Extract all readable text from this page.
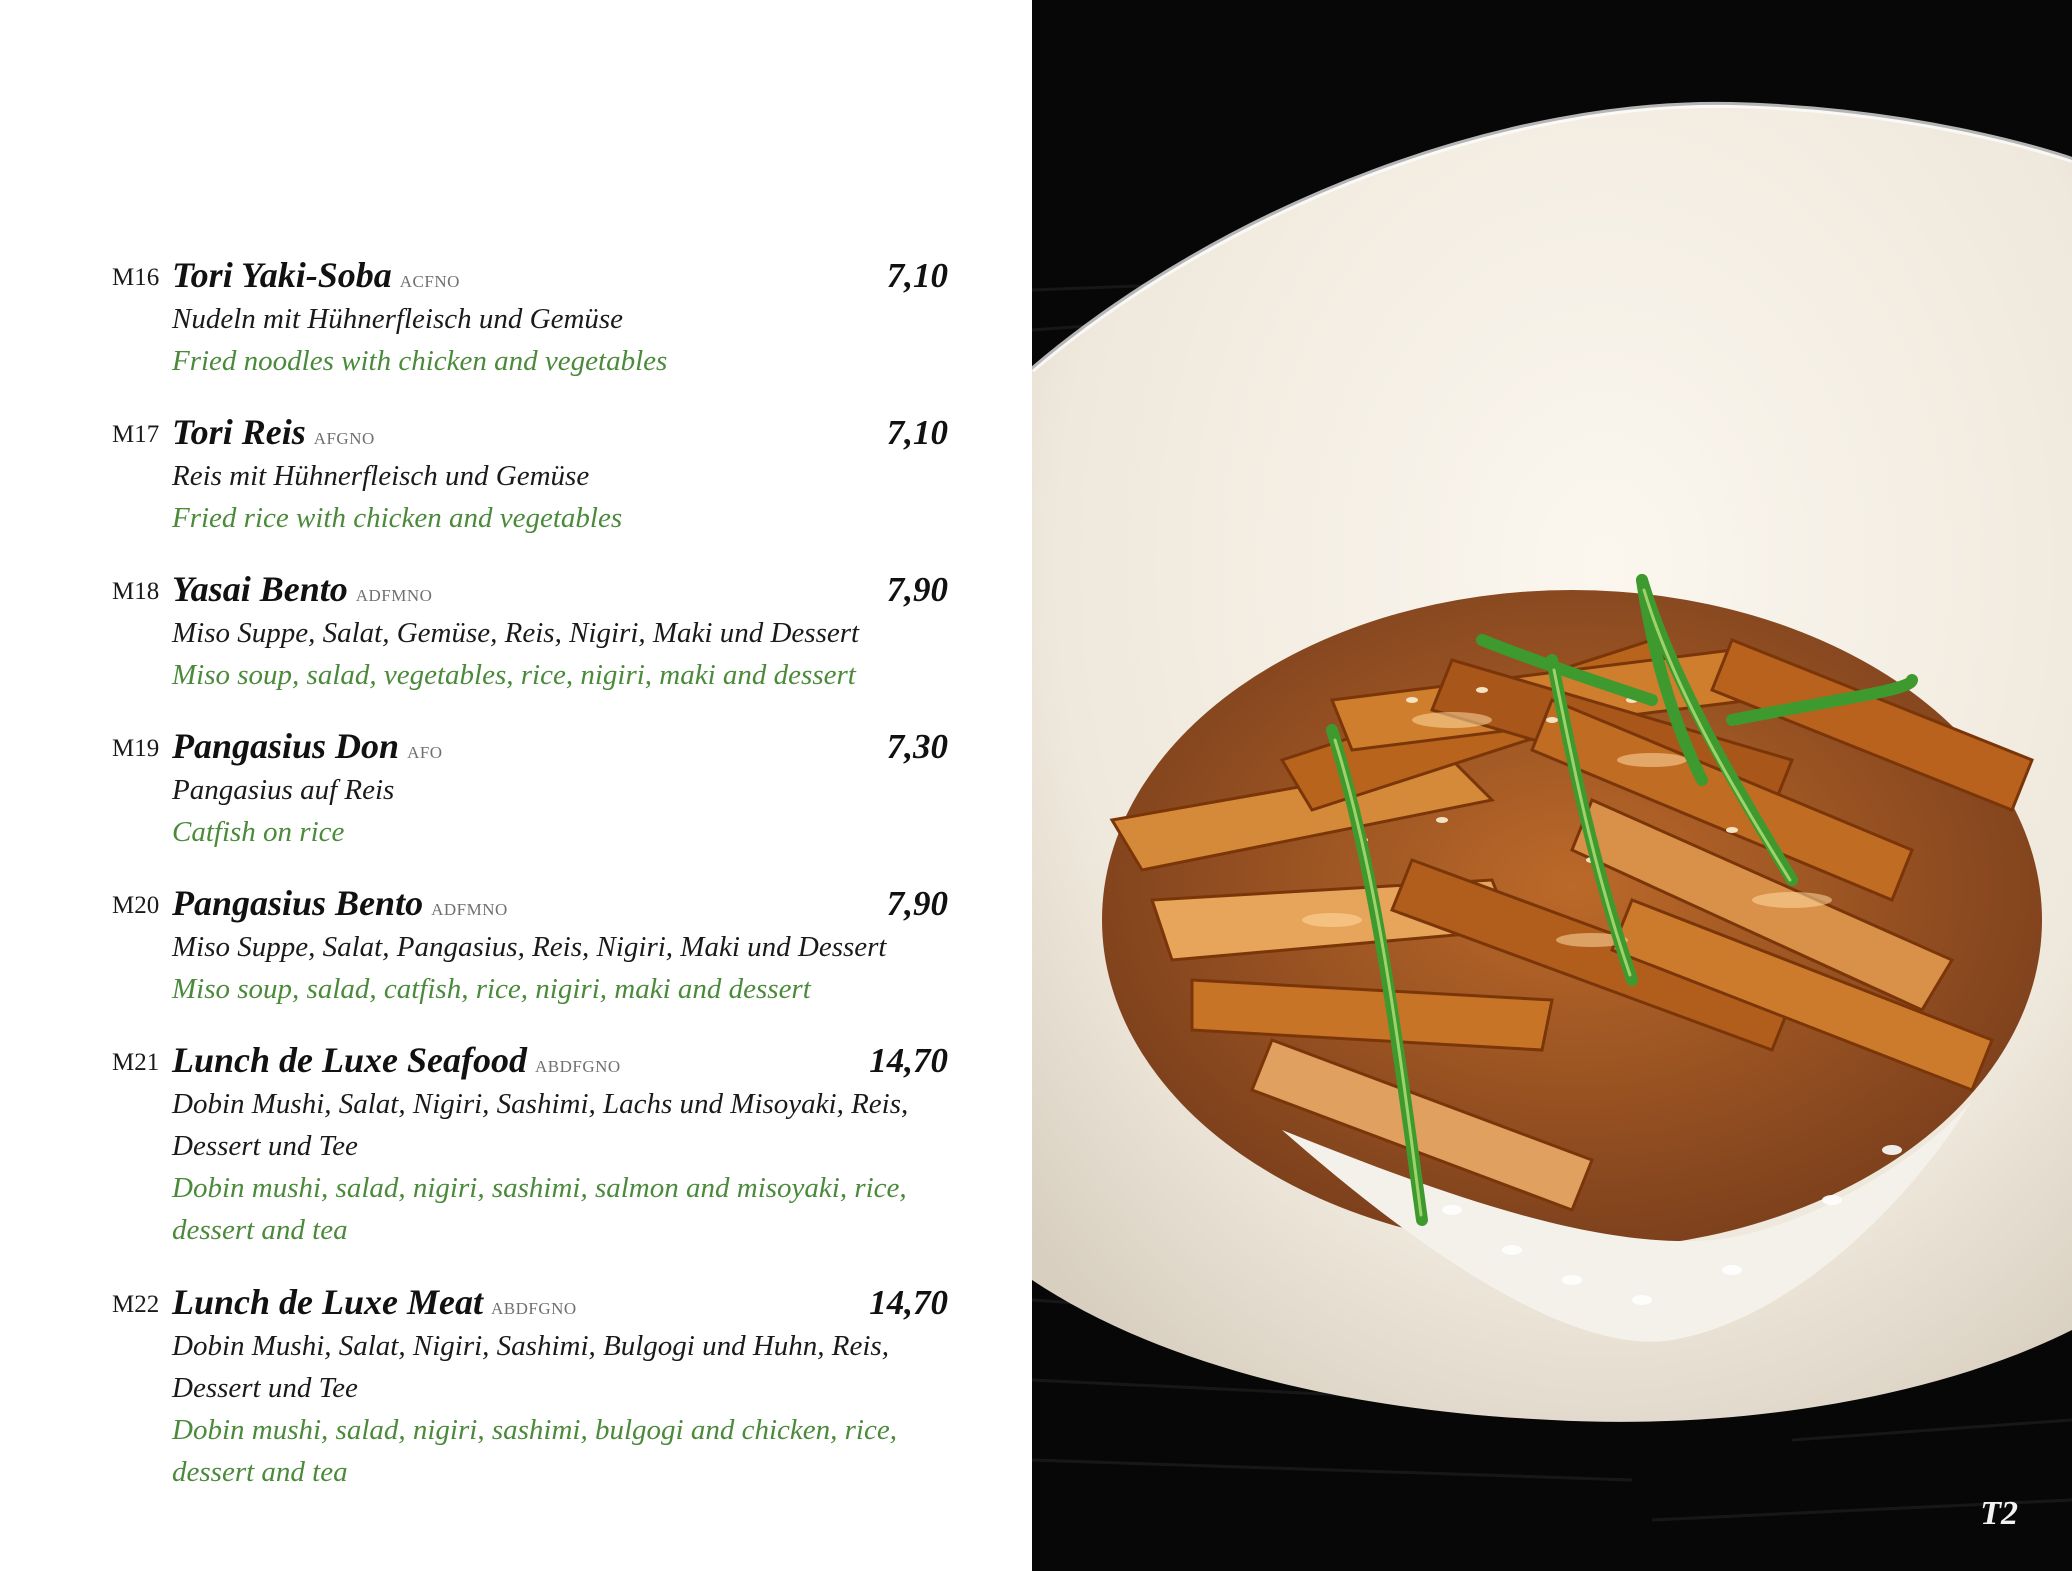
M16 Tori Yaki-Soba ACFNO	7,10
Nudeln mit Hühnerfleisch und Gemüse
Fried noodles with chicken and vegetables
M17 Tori Reis AFGNO	7,10
Reis mit Hühnerfleisch und Gemüse
Fried rice with chicken and vegetables
M18 Yasai Bento ADFMNO	7,90
Miso Suppe, Salat, Gemüse, Reis, Nigiri, Maki und Dessert
Miso soup, salad, vegetables, rice, nigiri, maki and dessert
M19 Pangasius Don AFO	7,30
Pangasius auf Reis
Catfish on rice
M20 Pangasius Bento ADFMNO	7,90
Miso Suppe, Salat, Pangasius, Reis, Nigiri, Maki und Dessert
Miso soup, salad, catfish, rice, nigiri, maki and dessert
M21 Lunch de Luxe Seafood ABDFGNO	14,70
Dobin Mushi, Salat, Nigiri, Sashimi, Lachs und Misoyaki, Reis,
Dessert und Tee
Dobin mushi, salad, nigiri, sashimi, salmon and misoyaki, rice,
dessert and tea
M22 Lunch de Luxe Meat ABDFGNO	14,70
Dobin Mushi, Salat, Nigiri, Sashimi, Bulgogi und Huhn, Reis,
Dessert und Tee
Dobin mushi, salad, nigiri, sashimi, bulgogi and chicken, rice,
dessert and tea
T2
